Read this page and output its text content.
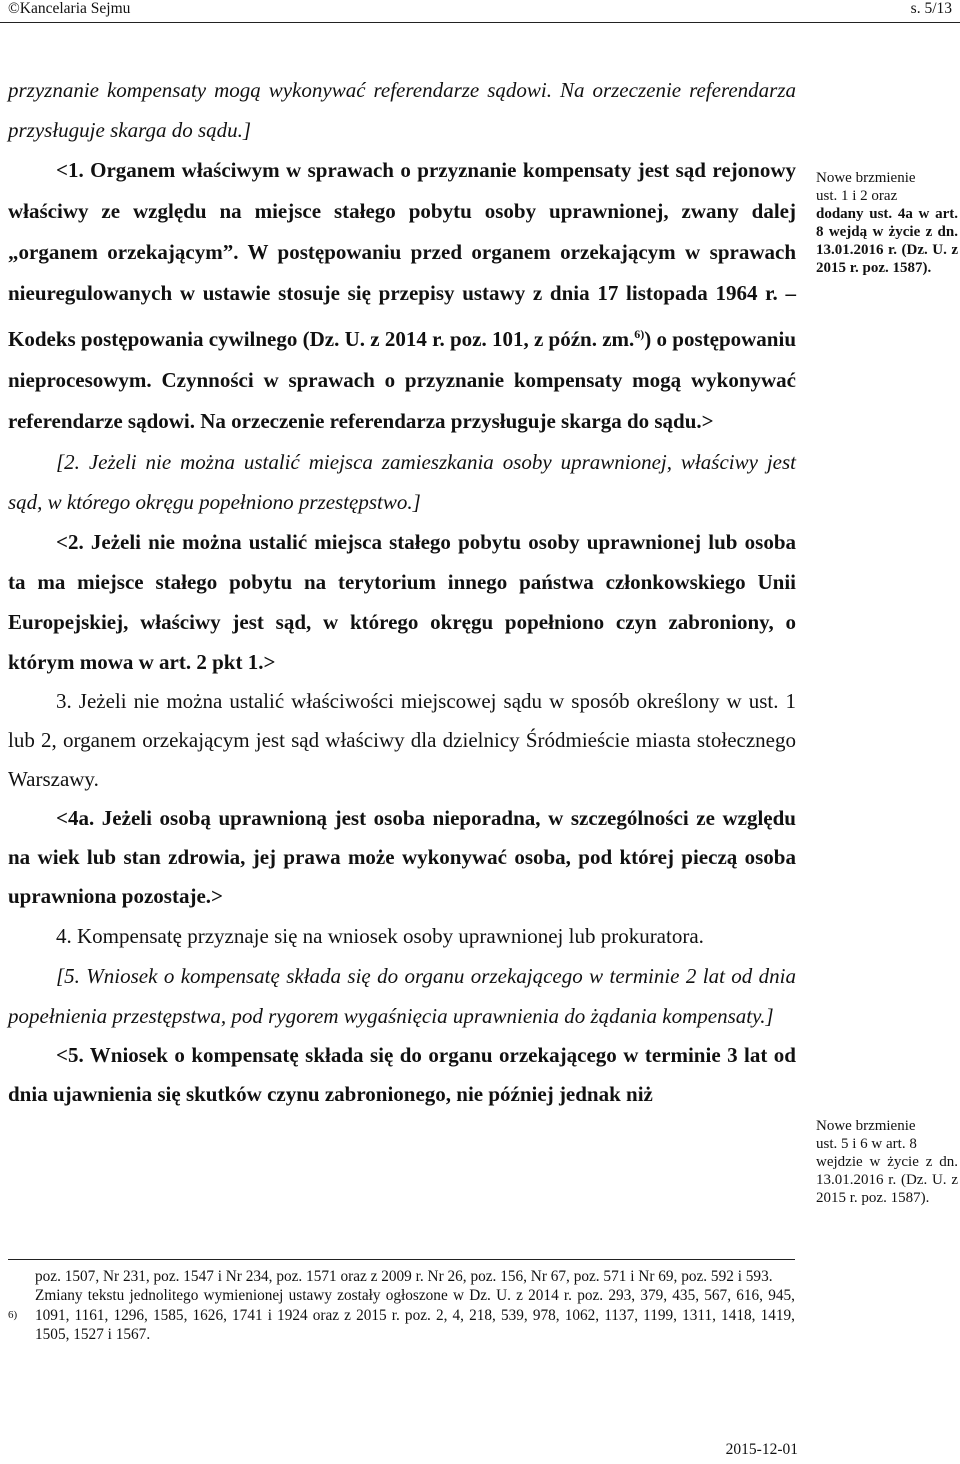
©Kancelaria Sejmu	s. 5/13

przyznanie kompensaty mogą wykonywać referendarze sądowi. Na orzeczenie referendarza przysługuje skarga do sądu.]

<1. Organem właściwym w sprawach o przyznanie kompensaty jest sąd rejonowy właściwy ze względu na miejsce stałego pobytu osoby uprawnionej, zwany dalej „organem orzekającym”. W postępowaniu przed organem orzekającym w sprawach nieuregulowanych w ustawie stosuje się przepisy ustawy z dnia 17 listopada 1964 r. – Kodeks postępowania cywilnego (Dz. U. z 2014 r. poz. 101, z późn. zm.$^{6)}$) o postępowaniu nieprocesowym. Czynności w sprawach o przyznanie kompensaty mogą wykonywać referendarze sądowi. Na orzeczenie referendarza przysługuje skarga do sądu.>

[2. Jeżeli nie można ustalić miejsca zamieszkania osoby uprawnionej, właściwy jest sąd, w którego okręgu popełniono przestępstwo.]

<2. Jeżeli nie można ustalić miejsca stałego pobytu osoby uprawnionej lub osoba ta ma miejsce stałego pobytu na terytorium innego państwa członkowskiego Unii Europejskiej, właściwy jest sąd, w którego okręgu popełniono czyn zabroniony, o którym mowa w art. 2 pkt 1.>

3. Jeżeli nie można ustalić właściwości miejscowej sądu w sposób określony w ust. 1 lub 2, organem orzekającym jest sąd właściwy dla dzielnicy Śródmieście miasta stołecznego Warszawy.

<4a. Jeżeli osobą uprawnioną jest osoba nieporadna, w szczególności ze względu na wiek lub stan zdrowia, jej prawa może wykonywać osoba, pod której pieczą osoba uprawniona pozostaje.>

4. Kompensatę przyznaje się na wniosek osoby uprawnionej lub prokuratora.

[5. Wniosek o kompensatę składa się do organu orzekającego w terminie 2 lat od dnia popełnienia przestępstwa, pod rygorem wygaśnięcia uprawnienia do żądania kompensaty.]

<5. Wniosek o kompensatę składa się do organu orzekającego w terminie 3 lat od dnia ujawnienia się skutków czynu zabronionego, nie później jednak niż

Nowe brzmienie

ust. 1 i 2 oraz

dodany ust. 4a w art. 8 wejdą w życie z dn. 13.01.2016 r. (Dz. U. z 2015 r. poz. 1587).

Nowe brzmienie

ust. 5 i 6 w art. 8

wejdzie w życie z dn. 13.01.2016 r. (Dz. U. z 2015 r. poz. 1587).

poz. 1507, Nr 231, poz. 1547 i Nr 234, poz. 1571 oraz z 2009 r. Nr 26, poz. 156, Nr 67, poz. 571 i Nr 69, poz. 592 i 593.

6)

Zmiany tekstu jednolitego wymienionej ustawy zostały ogłoszone w Dz. U. z 2014 r. poz. 293, 379, 435, 567, 616, 945, 1091, 1161, 1296, 1585, 1626, 1741 i 1924 oraz z 2015 r. poz. 2, 4, 218, 539, 978, 1062, 1137, 1199, 1311, 1418, 1419, 1505, 1527 i 1567.

2015-12-01
